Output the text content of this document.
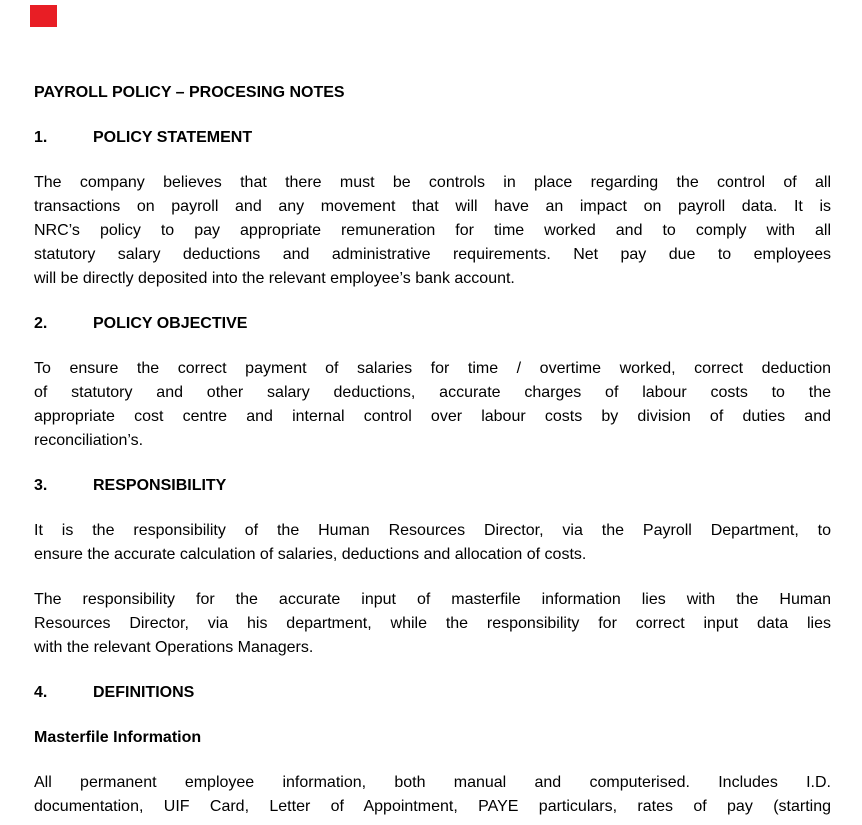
PAYROLL POLICY – PROCESING NOTES
1.	POLICY STATEMENT
The company believes that there must be controls in place regarding the control of all
transactions on payroll and any movement that will have an impact on payroll data. It is
NRC’s policy to pay appropriate remuneration for time worked and to comply with all
statutory salary deductions and administrative requirements. Net pay due to employees
will be directly deposited into the relevant employee’s bank account.
2.	POLICY OBJECTIVE
To ensure the correct payment of salaries for time / overtime worked, correct deduction
of statutory and other salary deductions, accurate charges of labour costs to the
appropriate cost centre and internal control over labour costs by division of duties and
reconciliation’s.
3.	RESPONSIBILITY
It is the responsibility of the Human Resources Director, via the Payroll Department, to
ensure the accurate calculation of salaries, deductions and allocation of costs.
The responsibility for the accurate input of masterfile information lies with the Human
Resources Director, via his department, while the responsibility for correct input data lies
with the relevant Operations Managers.
4.	DEFINITIONS
Masterfile Information
All permanent employee information, both manual and computerised. Includes I.D.
documentation, UIF Card, Letter of Appointment, PAYE particulars, rates of pay (starting
